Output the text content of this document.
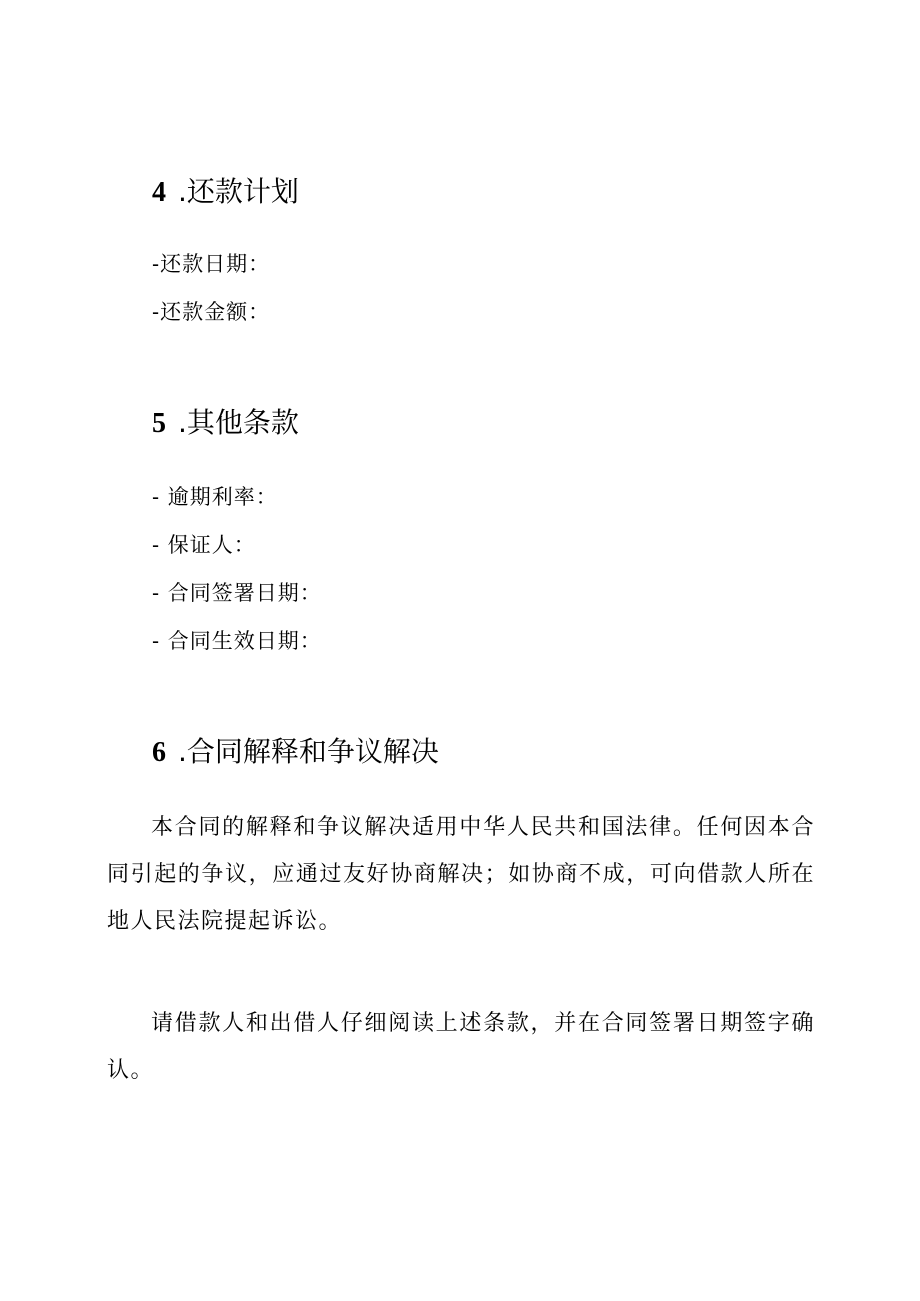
4 .还款计划

-还款日期：

-还款金额：

5 .其他条款

- 逾期利率：

- 保证人：

- 合同签署日期：

- 合同生效日期：

6 .合同解释和争议解决

本合同的解释和争议解决适用中华人民共和国法律。任何因本合同引起的争议，应通过友好协商解决；如协商不成，可向借款人所在地人民法院提起诉讼。

请借款人和出借人仔细阅读上述条款，并在合同签署日期签字确认。
